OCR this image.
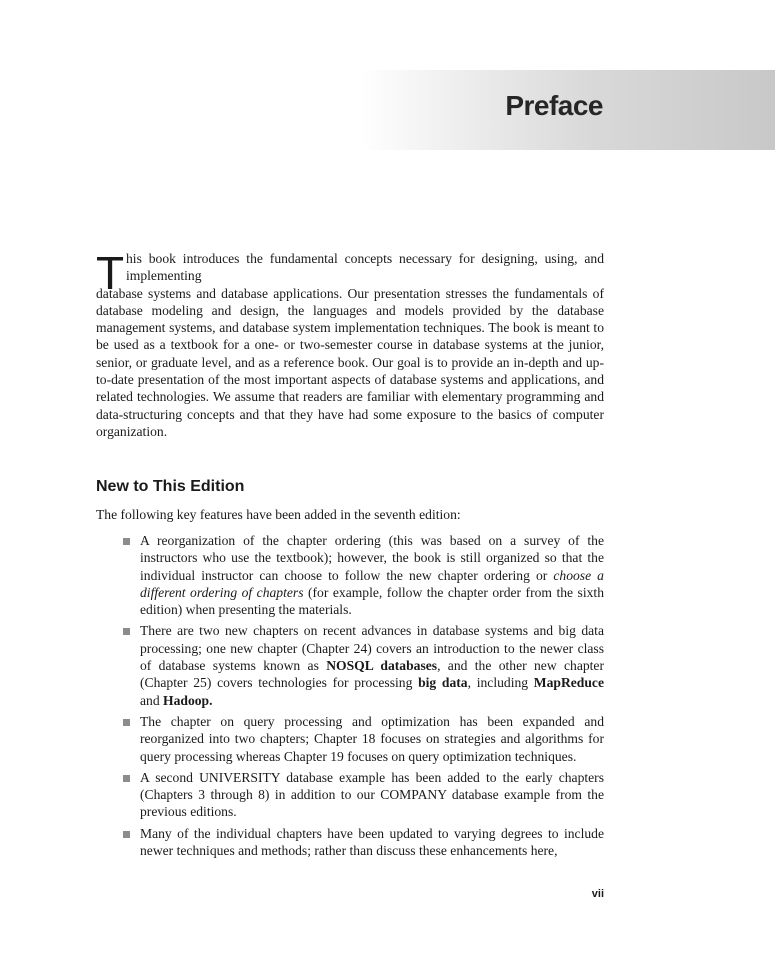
Preface

T his book introduces the fundamental concepts necessary for designing, using, and implementing

database systems and database applications. Our presentation stresses the fundamentals of database modeling and design, the languages and models provided by the database management systems, and database system implementation techniques. The book is meant to be used as a textbook for a one- or two-semester course in database systems at the junior, senior, or graduate level, and as a reference book. Our goal is to provide an in-depth and up-to-date presentation of the most important aspects of database systems and applications, and related technologies. We assume that readers are familiar with elementary programming and data-structuring concepts and that they have had some exposure to the basics of computer organization.

New to This Edition
The following key features have been added in the seventh edition:
A reorganization of the chapter ordering (this was based on a survey of the instructors who use the textbook); however, the book is still organized so that the individual instructor can choose to follow the new chapter ordering or choose a different ordering of chapters (for example, follow the chapter order from the sixth edition) when presenting the materials.
There are two new chapters on recent advances in database systems and big data processing; one new chapter (Chapter 24) covers an introduction to the newer class of database systems known as NOSQL databases, and the other new chapter (Chapter 25) covers technologies for processing big data, including MapReduce and Hadoop.
The chapter on query processing and optimization has been expanded and reorganized into two chapters; Chapter 18 focuses on strategies and algorithms for query processing whereas Chapter 19 focuses on query optimization techniques.
A second UNIVERSITY database example has been added to the early chapters (Chapters 3 through 8) in addition to our COMPANY database example from the previous editions.
Many of the individual chapters have been updated to varying degrees to include newer techniques and methods; rather than discuss these enhancements here,
vii
